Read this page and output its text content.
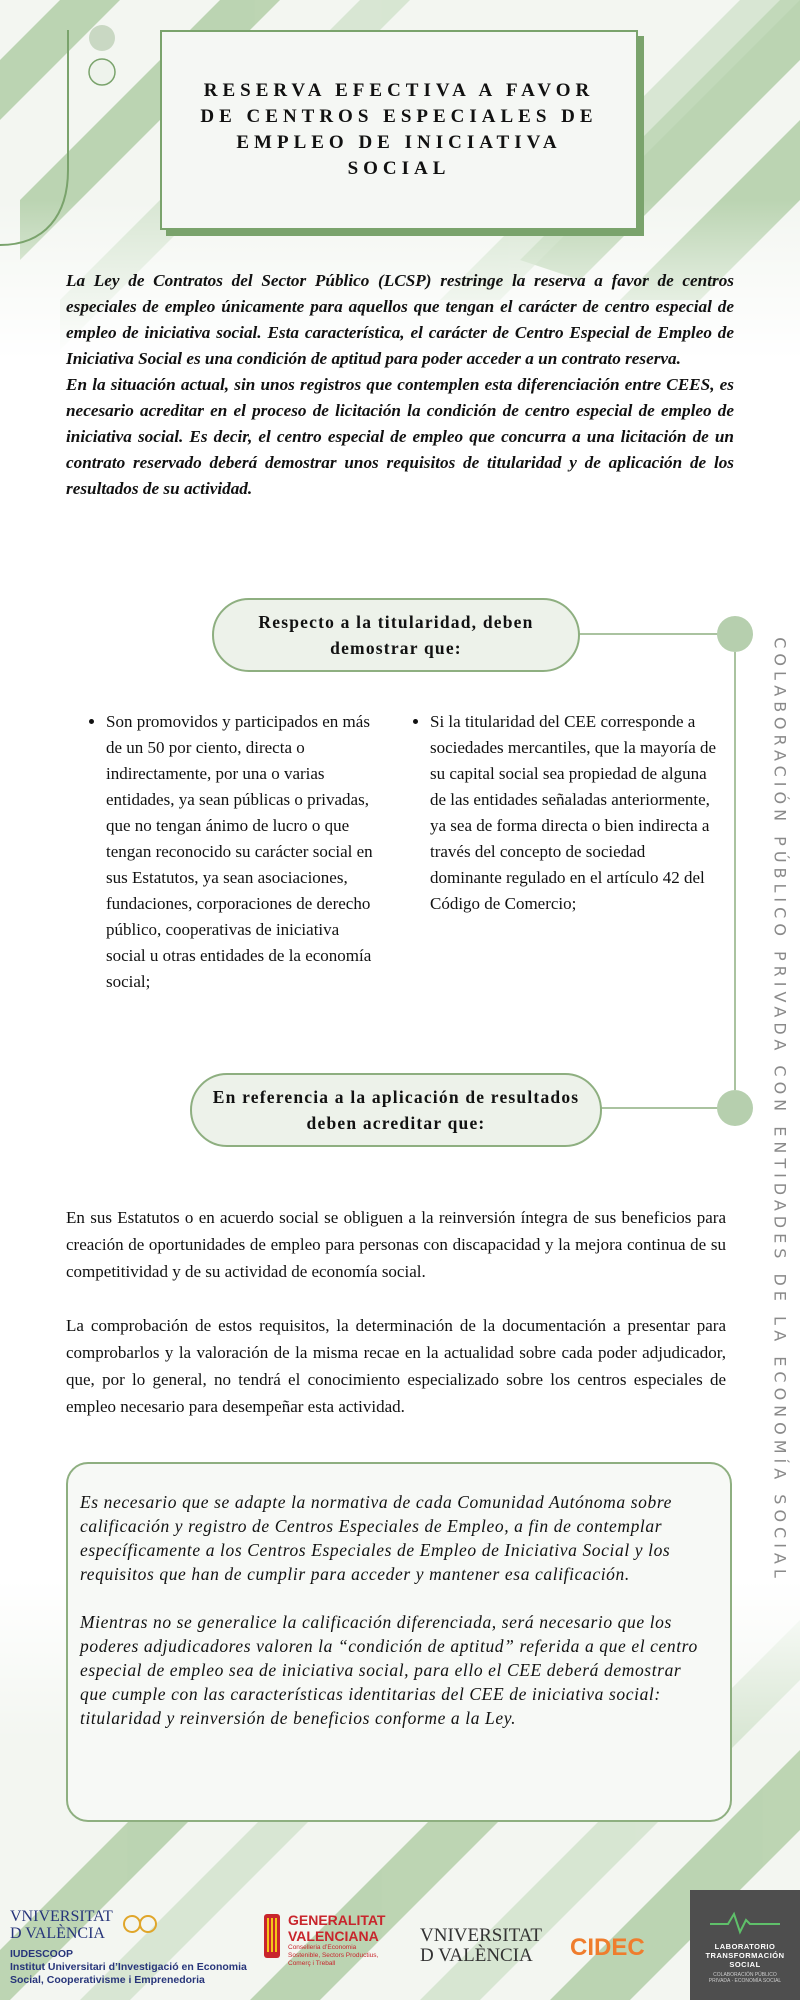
RESERVA EFECTIVA A FAVOR DE CENTROS ESPECIALES DE EMPLEO DE INICIATIVA SOCIAL

La Ley de Contratos del Sector Público (LCSP) restringe la reserva a favor de centros especiales de empleo únicamente para aquellos que tengan el carácter de centro especial de empleo de iniciativa social. Esta característica, el carácter de Centro Especial de Empleo de Iniciativa Social es una condición de aptitud para poder acceder a un contrato reserva.

En la situación actual, sin unos registros que contemplen esta diferenciación entre CEES, es necesario acreditar en el proceso de licitación la condición de centro especial de empleo de iniciativa social. Es decir, el centro especial de empleo que concurra a una licitación de un contrato reservado deberá demostrar unos requisitos de titularidad y de aplicación de los resultados de su actividad.

Respecto a la titularidad, deben demostrar que:
• Son promovidos y participados en más de un 50 por ciento, directa o indirectamente, por una o varias entidades, ya sean públicas o privadas, que no tengan ánimo de lucro o que tengan reconocido su carácter social en sus Estatutos, ya sean asociaciones, fundaciones, corporaciones de derecho público, cooperativas de iniciativa social u otras entidades de la economía social;
• Si la titularidad del CEE corresponde a sociedades mercantiles, que la mayoría de su capital social sea propiedad de alguna de las entidades señaladas anteriormente, ya sea de forma directa o bien indirecta a través del concepto de sociedad dominante regulado en el artículo 42 del Código de Comercio;
En referencia a la aplicación de resultados deben acreditar que:

En sus Estatutos o en acuerdo social se obliguen a la reinversión íntegra de sus beneficios para creación de oportunidades de empleo para personas con discapacidad y la mejora continua de su competitividad y de su actividad de economía social.

La comprobación de estos requisitos, la determinación de la documentación a presentar para comprobarlos y la valoración de la misma recae en la actualidad sobre cada poder adjudicador, que, por lo general, no tendrá el conocimiento especializado sobre los centros especiales de empleo necesario para desempeñar esta actividad.

Es necesario que se adapte la normativa de cada Comunidad Autónoma sobre calificación y registro de Centros Especiales de Empleo, a fin de contemplar específicamente a los Centros Especiales de Empleo de Iniciativa Social y los requisitos que han de cumplir para acceder y mantener esa calificación.

Mientras no se generalice la calificación diferenciada, será necesario que los poderes adjudicadores valoren la “condición de aptitud” referida a que el centro especial de empleo sea de iniciativa social, para ello el CEE deberá demostrar que cumple con las características identitarias del CEE de iniciativa social: titularidad y reinversión de beneficios conforme a la Ley.

COLABORACIÓN PÚBLICO PRIVADA CON ENTIDADES DE LA ECONOMÍA SOCIAL
VNIVERSITAT
D VALÈNCIA
IUDESCOOP
Institut Universitari d’Investigació en Economia
Social, Cooperativisme i Emprenedoria
GENERALITAT
VALENCIANA
Conselleria d’Economia
Sostenible, Sectors Productius,
Comerç i Treball
VNIVERSITAT
D VALÈNCIA	CIDEC	LABORATORIO
TRANSFORMACIÓN
SOCIAL
COLABORACIÓN PÚBLICO
PRIVADA · ECONOMÍA SOCIAL
